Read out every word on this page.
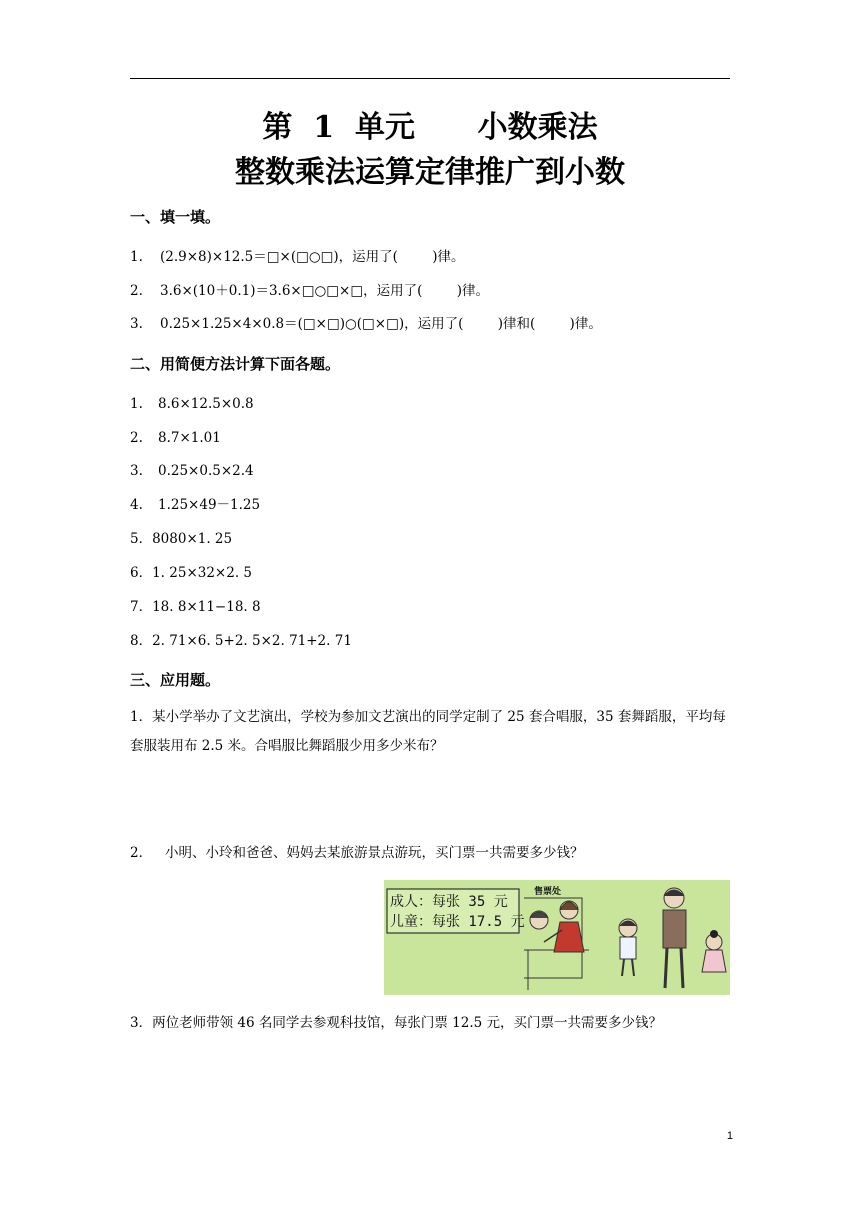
第  1  单元      小数乘法
整数乘法运算定律推广到小数
一、填一填。
1. (2.9×8)×12.5＝□×(□○□)，运用了(        )律。
2. 3.6×(10＋0.1)＝3.6×□○□×□，运用了(        )律。
3. 0.25×1.25×4×0.8＝(□×□)○(□×□)，运用了(        )律和(        )律。
二、用简便方法计算下面各题。
1. 8.6×12.5×0.8
2. 8.7×1.01
3. 0.25×0.5×2.4
4. 1.25×49－1.25
5．8080×1. 25
6．1. 25×32×2. 5
7．18. 8×11−18. 8
8．2. 71×6. 5+2. 5×2. 71+2. 71
三、应用题。
1．某小学举办了文艺演出，学校为参加文艺演出的同学定制了 25 套合唱服，35 套舞蹈服，平均每套服装用布 2.5 米。合唱服比舞蹈服少用多少米布？
2．   小明、小玲和爸爸、妈妈去某旅游景点游玩，买门票一共需要多少钱？
成人：每张 35 元
儿童：每张 17.5 元
售票处
3．两位老师带领 46 名同学去参观科技馆，每张门票 12.5 元，买门票一共需要多少钱？
1
